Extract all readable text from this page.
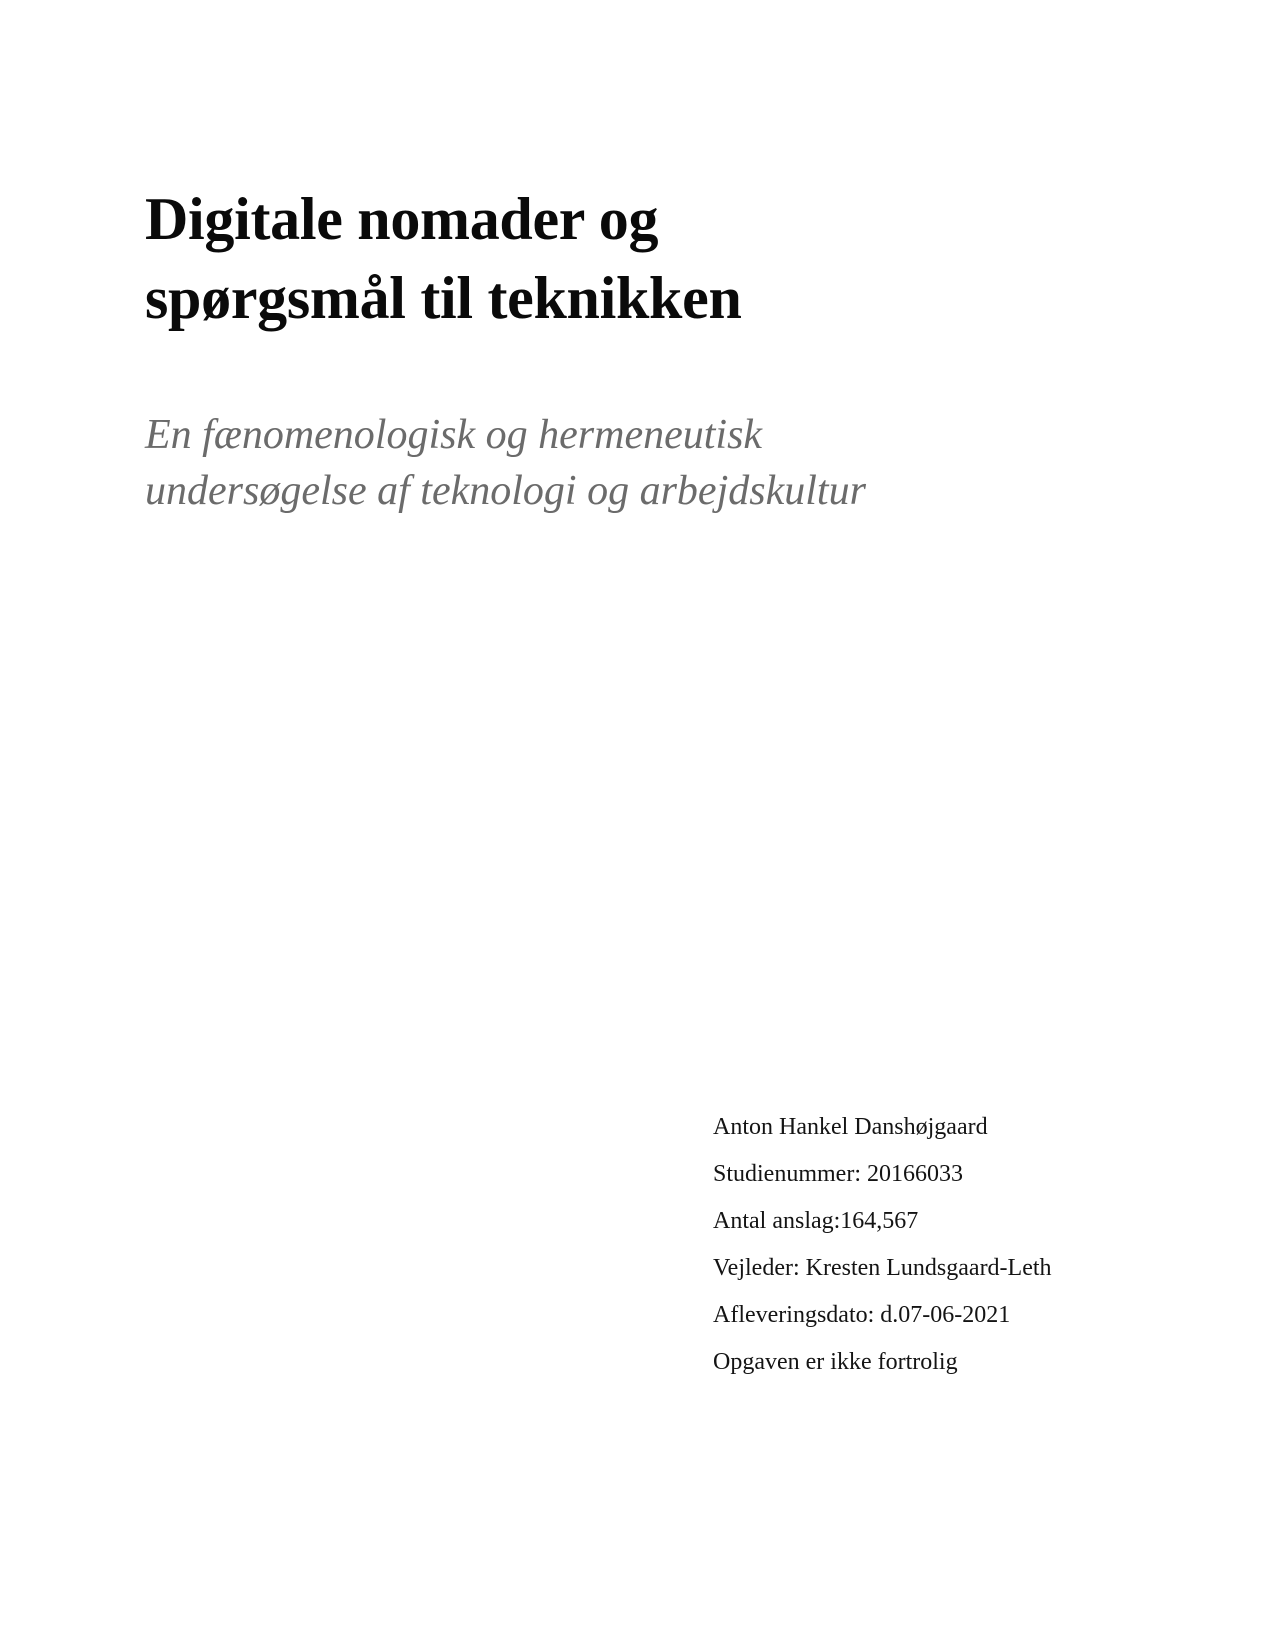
Digitale nomader og
spørgsmål til teknikken
En fænomenologisk og hermeneutisk
undersøgelse af teknologi og arbejdskultur

Anton Hankel Danshøjgaard

Studienummer: 20166033

Antal anslag:164,567

Vejleder: Kresten Lundsgaard-Leth

Afleveringsdato: d.07-06-2021

Opgaven er ikke fortrolig
